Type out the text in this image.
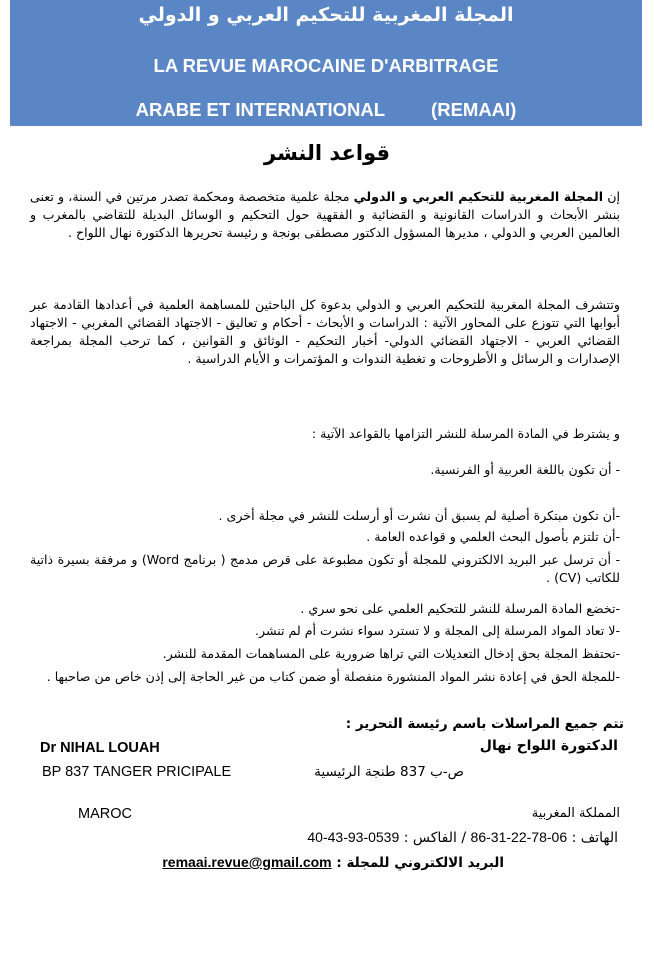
المجلة المغربية للتحكيم العربي و الدولي
LA REVUE MAROCAINE D'ARBITRAGE
ARABE ET INTERNATIONAL (REMAAI)
قواعد النشر
إن المجلة المغربية للتحكيم العربي و الدولي مجلة علمية متخصصة ومحكمة تصدر مرتين في السنة، و تعنى بنشر الأبحاث و الدراسات القانونية و القضائية و الفقهية حول التحكيم و الوسائل البديلة للتقاضي بالمغرب و العالمين العربي و الدولي ، مديرها المسؤول الدكتور مصطفى بونجة و رئيسة تحريرها الدكتورة نهال اللواح .
وتتشرف المجلة المغربية للتحكيم العربي و الدولي بدعوة كل الباحثين للمساهمة العلمية في أعدادها القادمة عبر أبوابها التي تتوزع على المحاور الآتية : الدراسات و الأبحاث - أحكام و تعاليق - الاجتهاد القضائي المغربي - الاجتهاد القضائي العربي - الاجتهاد القضائي الدولي- أخبار التحكيم - الوثائق و القوانين ، كما ترحب المجلة بمراجعة الإصدارات و الرسائل و الأطروحات و تغطية الندوات و المؤتمرات و الأيام الدراسية .
و يشترط في المادة المرسلة للنشر التزامها بالقواعد الآتية :
- أن تكون باللغة العربية أو الفرنسية.
-أن تكون مبتكرة أصلية لم يسبق أن نشرت أو أرسلت للنشر في مجلة أخرى .
-أن تلتزم بأصول البحث العلمي و قواعده العامة .
- أن ترسل عبر البريد الالكتروني للمجلة أو تكون مطبوعة على قرص مدمج ( برنامج Word) و مرفقة بسيرة ذاتية للكاتب (CV) .
-تخضع المادة المرسلة للنشر للتحكيم العلمي على نحو سري .
-لا تعاد المواد المرسلة إلى المجلة و لا تسترد سواء نشرت أم لم تنشر.
-تحتفظ المجلة بحق إدخال التعديلات التي تراها ضرورية على المساهمات المقدمة للنشر.
-للمجلة الحق في إعادة نشر المواد المنشورة منفصلة أو ضمن كتاب من غير الحاجة إلى إذن خاص من صاحبها .
تتم جميع المراسلات باسم رئيسة التحرير :
الدكتورة اللواح نهال
Dr NIHAL LOUAH
ص-ب 837 طنجة الرئيسية
BP 837 TANGER PRICIPALE
المملكة المغربية
MAROC
الهاتف : 06-78-22-31-86 / الفاكس : 0539-93-43-40
البريد الالكتروني للمجلة : remaai.revue@gmail.com
